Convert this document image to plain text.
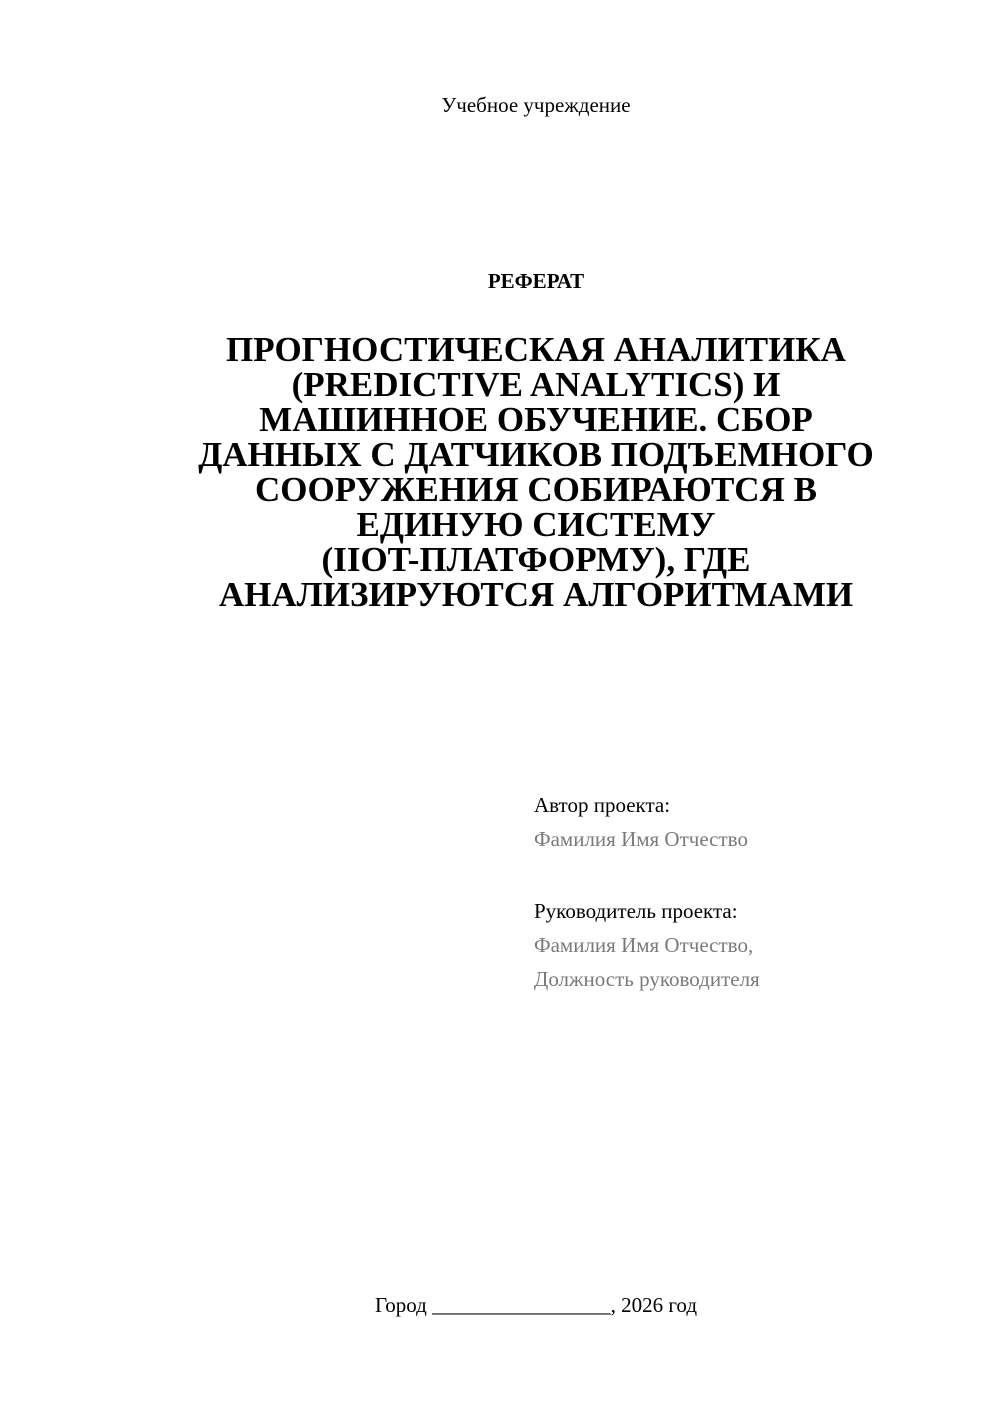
Учебное учреждение
РЕФЕРАТ
ПРОГНОСТИЧЕСКАЯ АНАЛИТИКА
(PREDICTIVE ANALYTICS) И
МАШИННОЕ ОБУЧЕНИЕ. СБОР
ДАННЫХ С ДАТЧИКОВ ПОДЪЕМНОГО
СООРУЖЕНИЯ СОБИРАЮТСЯ В
ЕДИНУЮ СИСТЕМУ
(IIOT-ПЛАТФОРМУ), ГДЕ
АНАЛИЗИРУЮТСЯ АЛГОРИТМАМИ
Автор проекта:
Фамилия Имя Отчество
Руководитель проекта:
Фамилия Имя Отчество,
Должность руководителя
Город _________________, 2026 год
